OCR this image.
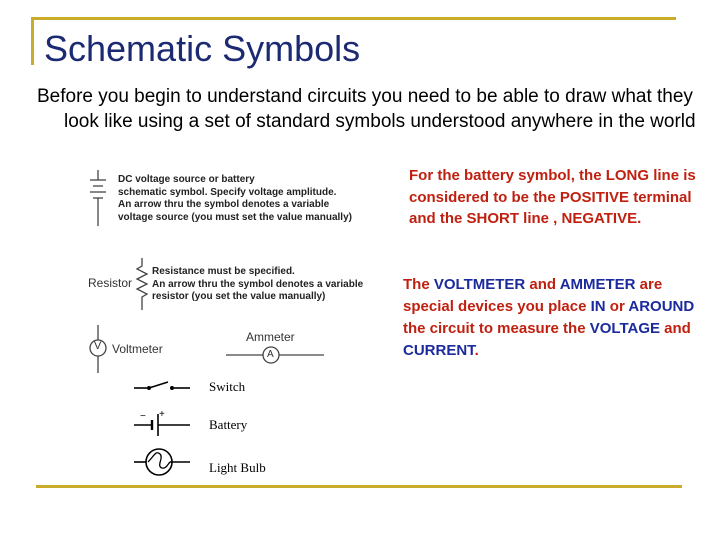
Schematic Symbols
Before you begin to understand circuits you need to be able to draw what they look like using a set of standard symbols understood anywhere in the world
DC voltage source or battery
schematic symbol. Specify voltage amplitude.
An arrow thru the symbol denotes a variable
voltage source (you must set the value manually)
Resistor
Resistance must be specified.
An arrow thru the symbol denotes a variable
resistor (you set the value manually)
V Voltmeter
Ammeter
A
Switch
− +
Battery
Light Bulb
For the battery symbol, the LONG line is considered to be the POSITIVE terminal and the SHORT line , NEGATIVE.
The VOLTMETER and AMMETER are special devices you place IN or AROUND the circuit to measure the VOLTAGE and CURRENT.
